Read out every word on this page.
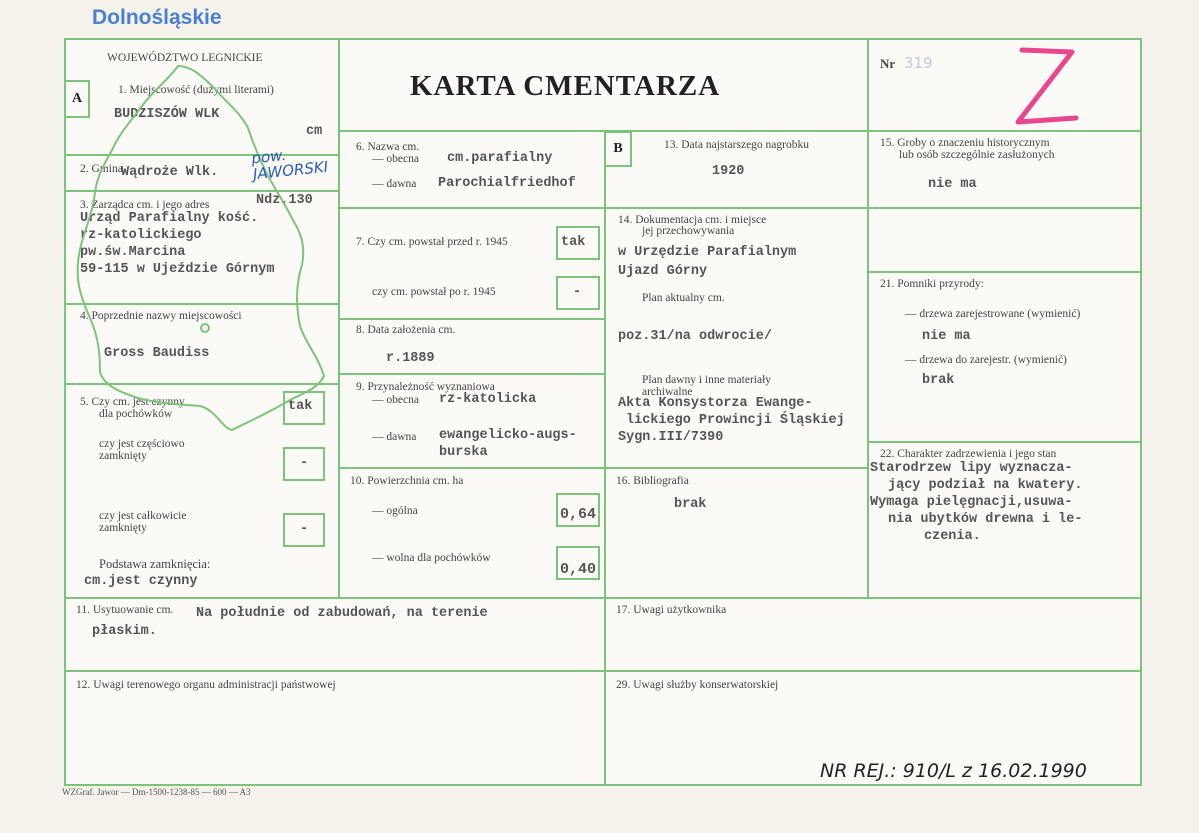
Dolnośląskie
WOJEWÓDZTWO LEGNICKIE
A	KARTA CMENTARZA
Nr 319
1. Miejscowość (dużymi literami)
BUDZISZÓW WLK
cm
2. Gmina
Wądroże Wlk.
3. Zarządca cm. i jego adres	Ndz.130
Urząd Parafialny kość.
rz-katolickiego
pw.św.Marcina
59-115 w Ujeździe Górnym
4. Poprzednie nazwy miejscowości
Gross Baudiss
5. Czy cm. jest czynny
dla pochówków	tak
czy jest częściowo
zamknięty	-
czy jest całkowicie
zamknięty	-
Podstawa zamknięcia:
cm.jest czynny
6. Nazwa cm.
— obecna cm.parafialny
— dawna Parochialfriedhof
7. Czy cm. powstał przed r. 1945	tak
czy cm. powstał po r. 1945	-
8. Data założenia cm.
r.1889
9. Przynależność wyznaniowa
— obecna rz-katolicka
— dawna ewangelicko-augs-
burska
10. Powierzchnia cm. ha
— ogólna	0,64
— wolna dla pochówków
0,40
11. Usytuowanie cm. Na południe od zabudowań, na terenie
płaskim.
12. Uwagi terenowego organu administracji państwowej
B	13. Data najstarszego nagrobku
1920
14. Dokumentacja cm. i miejsce
jej przechowywania
w Urzędzie Parafialnym
Ujazd Górny
Plan aktualny cm.
poz.31/na odwrocie/
Plan dawny i inne materiały
archiwalne
Akta Konsystorza Ewange-
lickiego Prowincji Śląskiej
Sygn.III/7390
15. Groby o znaczeniu historycznym
lub osób szczególnie zasłużonych
nie ma
16. Bibliografia
brak
17. Uwagi użytkownika
21. Pomniki przyrody:
— drzewa zarejestrowane (wymienić)
nie ma
— drzewa do zarejestr. (wymienić)
brak
22. Charakter zadrzewienia i jego stan
Starodrzew lipy wyznacza-
jący podział na kwatery.
Wymaga pielęgnacji,usuwa-
nia ubytków drewna i le-
czenia.
29. Uwagi służby konserwatorskiej
pow. JAWORSKI
NR REJ.: 910/L z 16.02.1990
WZGraf. Jawor — Dm-1500-1238-85 — 600 — A3
